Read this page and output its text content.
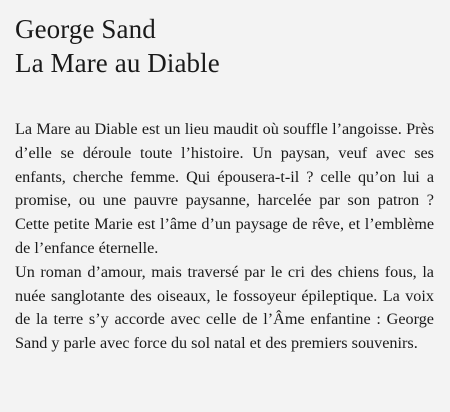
George Sand
La Mare au Diable

La Mare au Diable est un lieu maudit où souffle l’angoisse. Près d’elle se déroule toute l’histoire. Un paysan, veuf avec ses enfants, cherche femme. Qui épousera-t-il ? celle qu’on lui a promise, ou une pauvre paysanne, harcelée par son patron ? Cette petite Marie est l’âme d’un paysage de rêve, et l’emblème de l’enfance éternelle.

Un roman d’amour, mais traversé par le cri des chiens fous, la nuée sanglotante des oiseaux, le fossoyeur épileptique. La voix de la terre s’y accorde avec celle de l’Âme enfantine : George Sand y parle avec force du sol natal et des premiers souvenirs.
